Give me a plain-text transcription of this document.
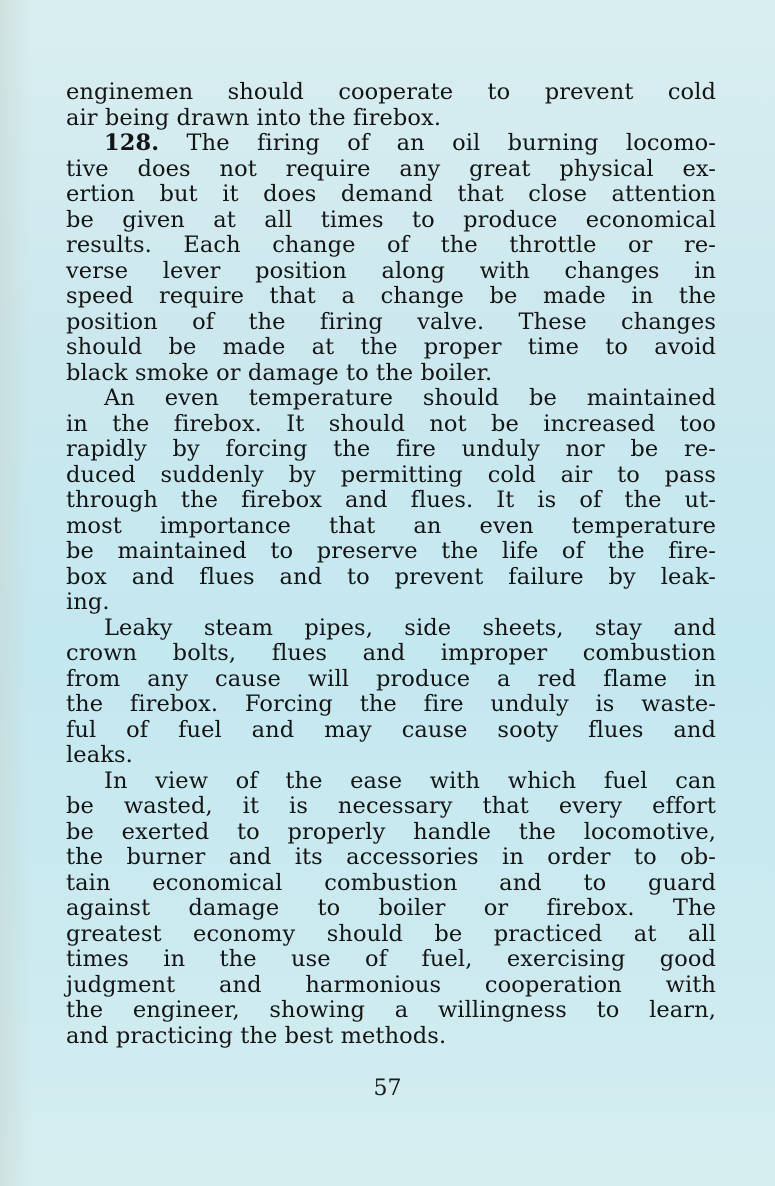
enginemen should cooperate to prevent cold
air being drawn into the firebox.
128. The firing of an oil burning locomo-
tive does not require any great physical ex-
ertion but it does demand that close attention
be given at all times to produce economical
results. Each change of the throttle or re-
verse lever position along with changes in
speed require that a change be made in the
position of the firing valve. These changes
should be made at the proper time to avoid
black smoke or damage to the boiler.
An even temperature should be maintained
in the firebox. It should not be increased too
rapidly by forcing the fire unduly nor be re-
duced suddenly by permitting cold air to pass
through the firebox and flues. It is of the ut-
most importance that an even temperature
be maintained to preserve the life of the fire-
box and flues and to prevent failure by leak-
ing.
Leaky steam pipes, side sheets, stay and
crown bolts, flues and improper combustion
from any cause will produce a red flame in
the firebox. Forcing the fire unduly is waste-
ful of fuel and may cause sooty flues and
leaks.
In view of the ease with which fuel can
be wasted, it is necessary that every effort
be exerted to properly handle the locomotive,
the burner and its accessories in order to ob-
tain economical combustion and to guard
against damage to boiler or firebox. The
greatest economy should be practiced at all
times in the use of fuel, exercising good
judgment and harmonious cooperation with
the engineer, showing a willingness to learn,
and practicing the best methods.
57
